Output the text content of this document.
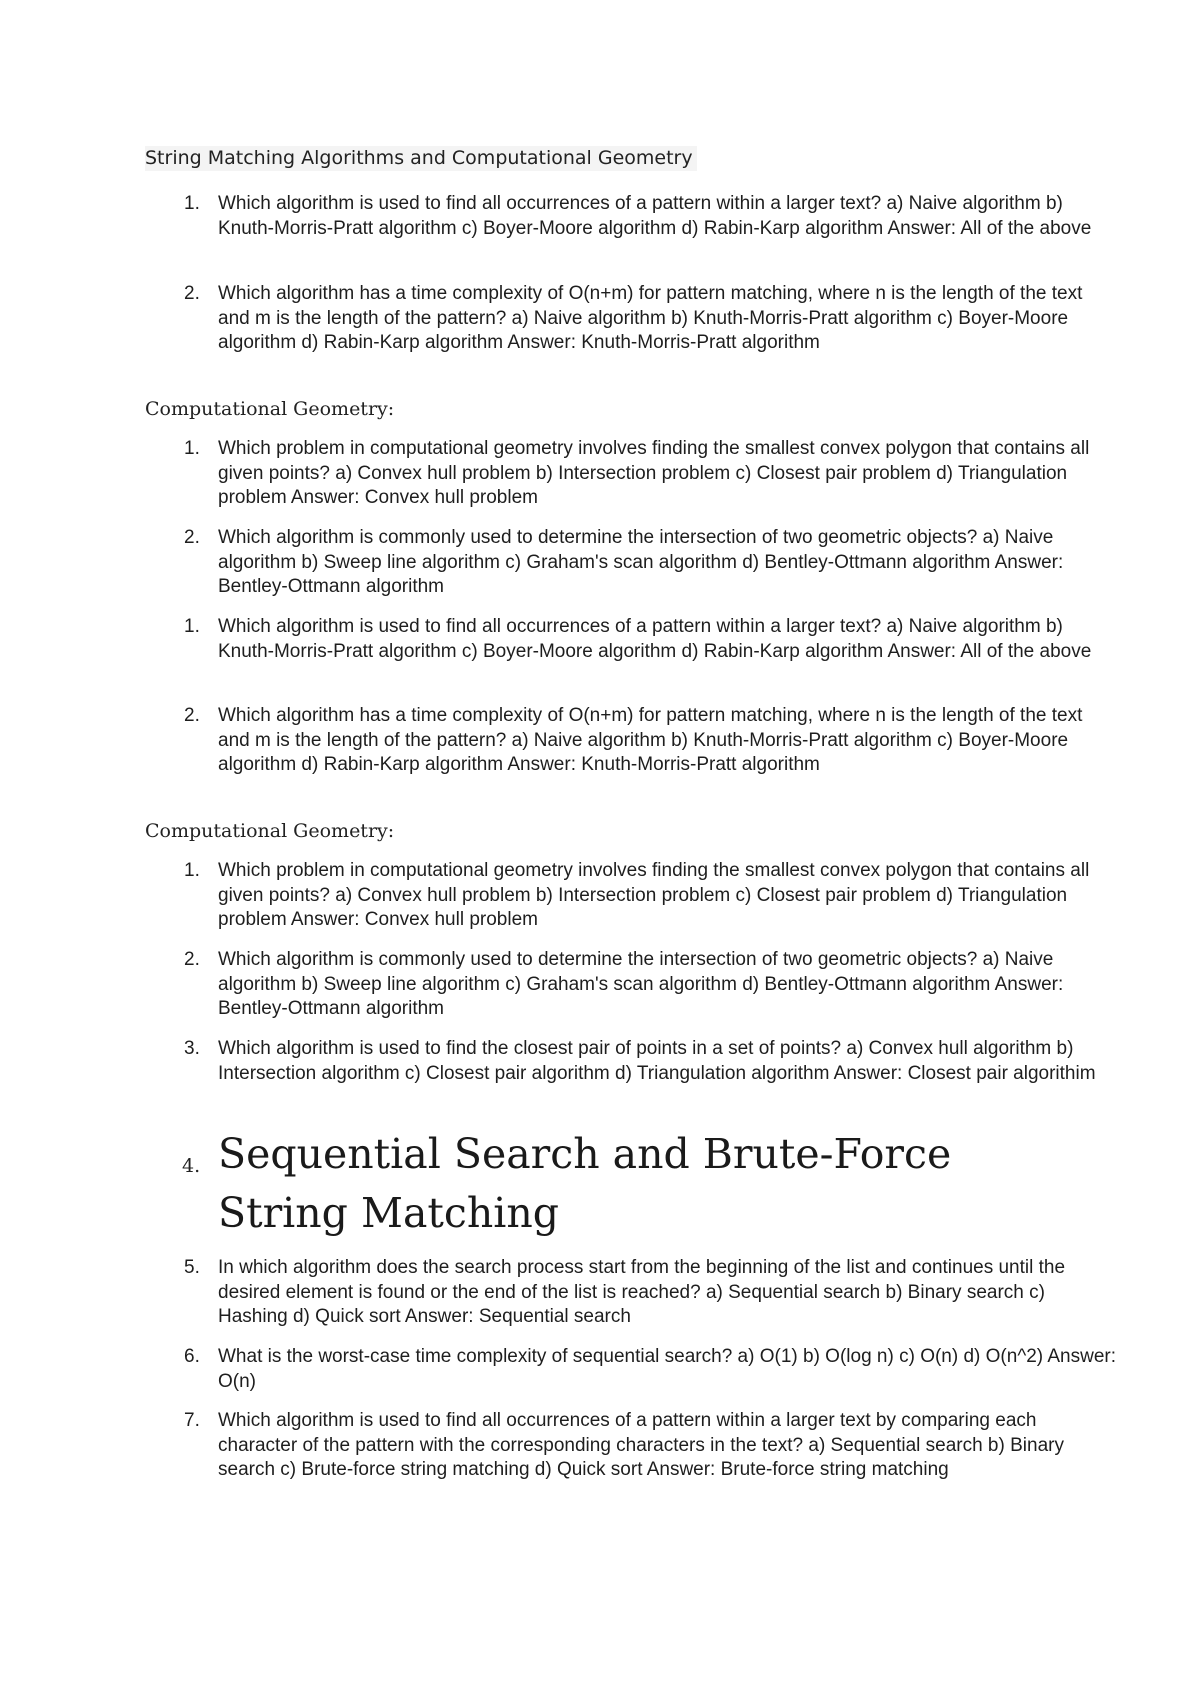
String Matching Algorithms and Computational Geometry
1. Which algorithm is used to find all occurrences of a pattern within a larger text? a) Naive algorithm b) Knuth-Morris-Pratt algorithm c) Boyer-Moore algorithm d) Rabin-Karp algorithm Answer: All of the above
2. Which algorithm has a time complexity of O(n+m) for pattern matching, where n is the length of the text and m is the length of the pattern? a) Naive algorithm b) Knuth-Morris-Pratt algorithm c) Boyer-Moore algorithm d) Rabin-Karp algorithm Answer: Knuth-Morris-Pratt algorithm
Computational Geometry:
1. Which problem in computational geometry involves finding the smallest convex polygon that contains all given points? a) Convex hull problem b) Intersection problem c) Closest pair problem d) Triangulation problem Answer: Convex hull problem
2. Which algorithm is commonly used to determine the intersection of two geometric objects? a) Naive algorithm b) Sweep line algorithm c) Graham's scan algorithm d) Bentley-Ottmann algorithm Answer: Bentley-Ottmann algorithm
1. Which algorithm is used to find all occurrences of a pattern within a larger text? a) Naive algorithm b) Knuth-Morris-Pratt algorithm c) Boyer-Moore algorithm d) Rabin-Karp algorithm Answer: All of the above
2. Which algorithm has a time complexity of O(n+m) for pattern matching, where n is the length of the text and m is the length of the pattern? a) Naive algorithm b) Knuth-Morris-Pratt algorithm c) Boyer-Moore algorithm d) Rabin-Karp algorithm Answer: Knuth-Morris-Pratt algorithm
Computational Geometry:
1. Which problem in computational geometry involves finding the smallest convex polygon that contains all given points? a) Convex hull problem b) Intersection problem c) Closest pair problem d) Triangulation problem Answer: Convex hull problem
2. Which algorithm is commonly used to determine the intersection of two geometric objects? a) Naive algorithm b) Sweep line algorithm c) Graham's scan algorithm d) Bentley-Ottmann algorithm Answer: Bentley-Ottmann algorithm
3. Which algorithm is used to find the closest pair of points in a set of points? a) Convex hull algorithm b) Intersection algorithm c) Closest pair algorithm d) Triangulation algorithm Answer: Closest pair algorithim
4. Sequential Search and Brute-Force String Matching
5. In which algorithm does the search process start from the beginning of the list and continues until the desired element is found or the end of the list is reached? a) Sequential search b) Binary search c) Hashing d) Quick sort Answer: Sequential search
6. What is the worst-case time complexity of sequential search? a) O(1) b) O(log n) c) O(n) d) O(n^2) Answer: O(n)
7. Which algorithm is used to find all occurrences of a pattern within a larger text by comparing each character of the pattern with the corresponding characters in the text? a) Sequential search b) Binary search c) Brute-force string matching d) Quick sort Answer: Brute-force string matching
